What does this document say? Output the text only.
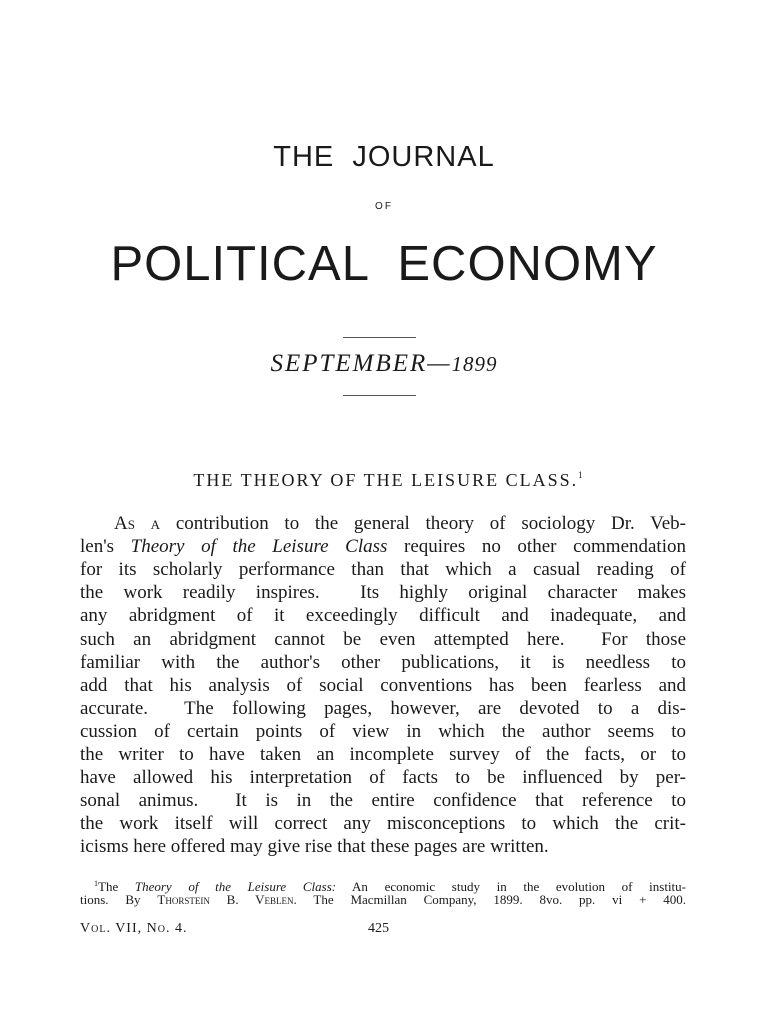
THE  JOURNAL
OF
POLITICAL  ECONOMY
SEPTEMBER—1899
THE THEORY OF THE LEISURE CLASS.$^1$
As a contribution to the general theory of sociology Dr. Veb-
len's Theory of the Leisure Class requires no other commendation
for its scholarly performance than that which a casual reading of
the work readily inspires.  Its highly original character makes
any abridgment of it exceedingly difficult and inadequate, and
such an abridgment cannot be even attempted here.  For those
familiar with the author's other publications, it is needless to
add that his analysis of social conventions has been fearless and
accurate.  The following pages, however, are devoted to a dis-
cussion of certain points of view in which the author seems to
the writer to have taken an incomplete survey of the facts, or to
have allowed his interpretation of facts to be influenced by per-
sonal animus.  It is in the entire confidence that reference to
the work itself will correct any misconceptions to which the crit-
icisms here offered may give rise that these pages are written.
$^1$The Theory of the Leisure Class: An economic study in the evolution of institu-
tions. By Thorstein B. Veblen. The Macmillan Company, 1899. 8vo. pp. vi + 400.
Vol. VII, No. 4.	425
